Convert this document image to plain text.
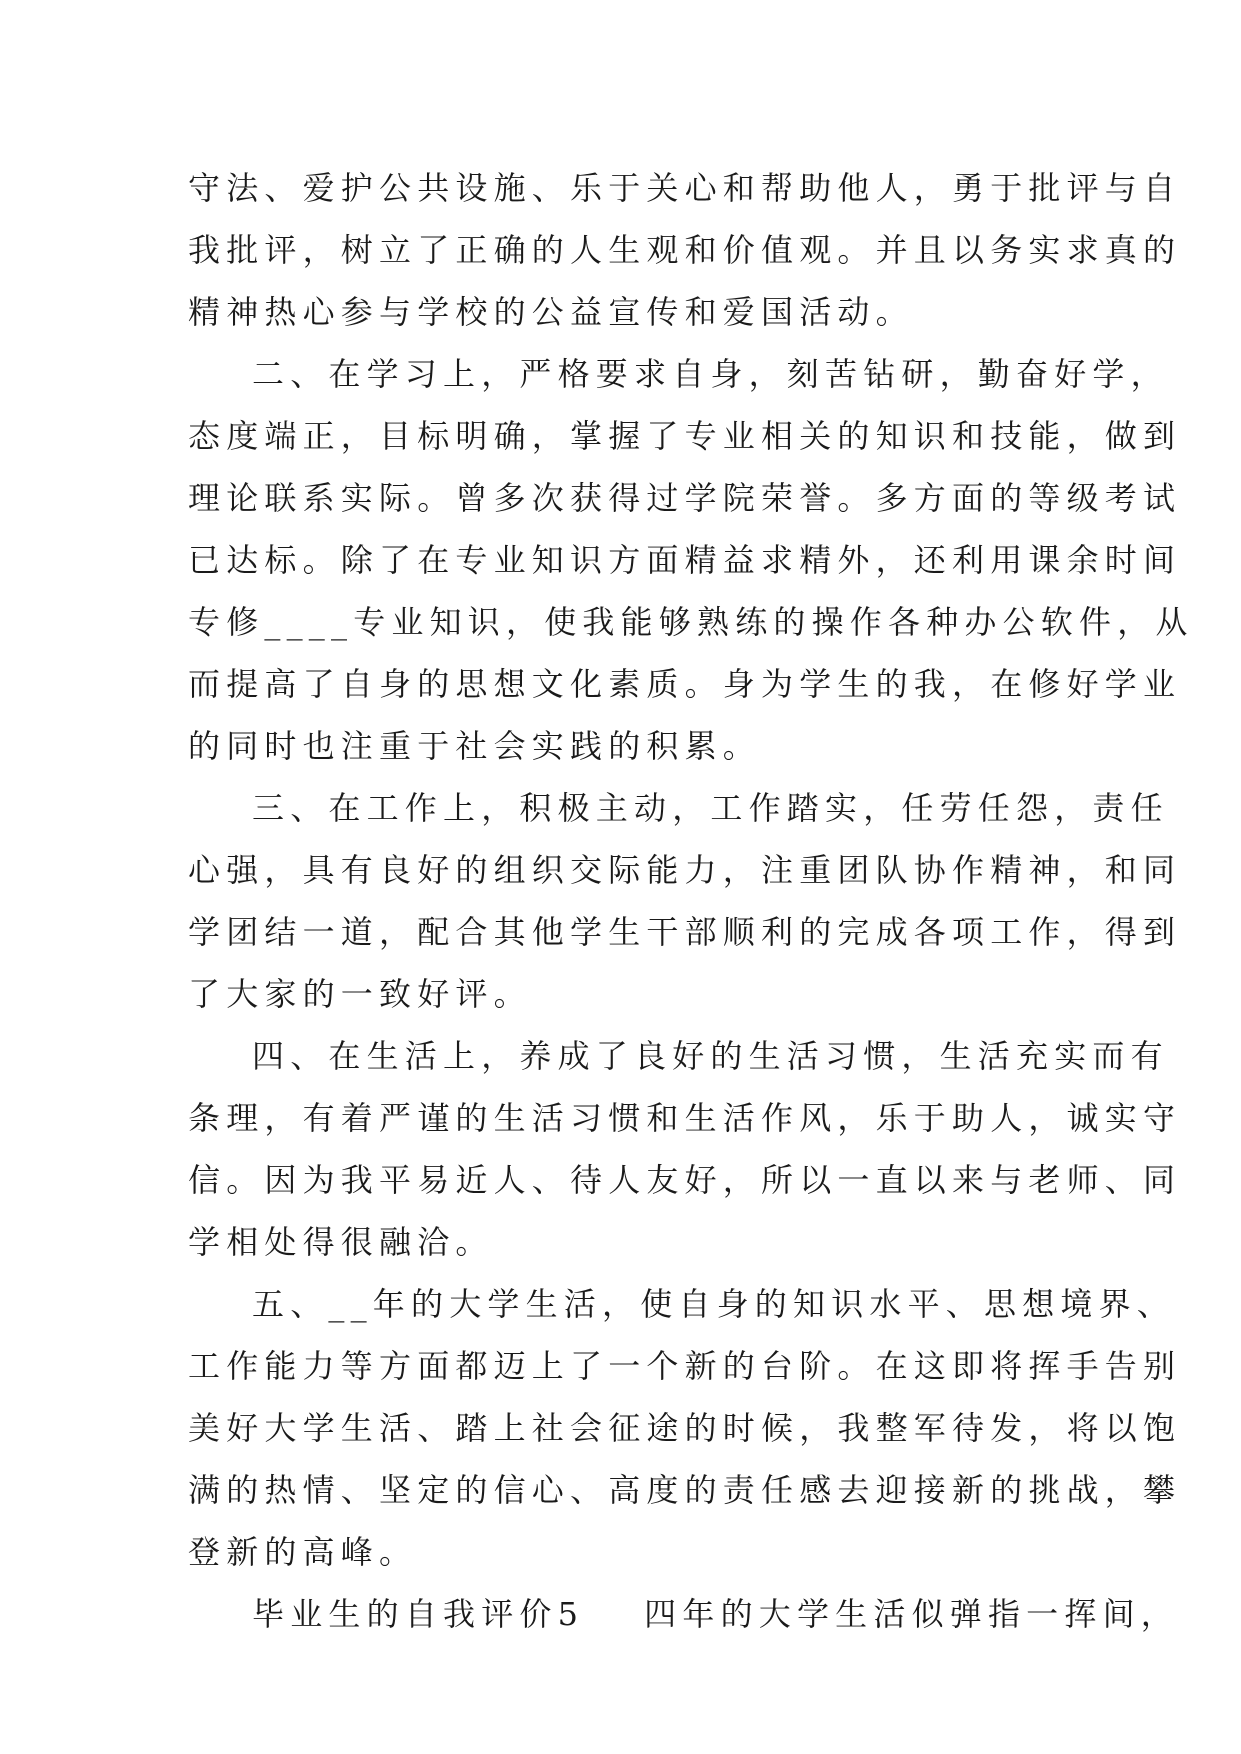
守法、爱护公共设施、乐于关心和帮助他人，勇于批评与自
我批评，树立了正确的人生观和价值观。并且以务实求真的
精神热心参与学校的公益宣传和爱国活动。

二、在学习上，严格要求自身，刻苦钻研，勤奋好学，
态度端正，目标明确，掌握了专业相关的知识和技能，做到
理论联系实际。曾多次获得过学院荣誉。多方面的等级考试
已达标。除了在专业知识方面精益求精外，还利用课余时间
专修____专业知识，使我能够熟练的操作各种办公软件，从
而提高了自身的思想文化素质。身为学生的我，在修好学业
的同时也注重于社会实践的积累。

三、在工作上，积极主动，工作踏实，任劳任怨，责任
心强，具有良好的组织交际能力，注重团队协作精神，和同
学团结一道，配合其他学生干部顺利的完成各项工作，得到
了大家的一致好评。

四、在生活上，养成了良好的生活习惯，生活充实而有
条理，有着严谨的生活习惯和生活作风，乐于助人，诚实守
信。因为我平易近人、待人友好，所以一直以来与老师、同
学相处得很融洽。

五、__年的大学生活，使自身的知识水平、思想境界、
工作能力等方面都迈上了一个新的台阶。在这即将挥手告别
美好大学生活、踏上社会征途的时候，我整军待发，将以饱
满的热情、坚定的信心、高度的责任感去迎接新的挑战，攀
登新的高峰。

毕业生的自我评价5 四年的大学生活似弹指一挥间，
